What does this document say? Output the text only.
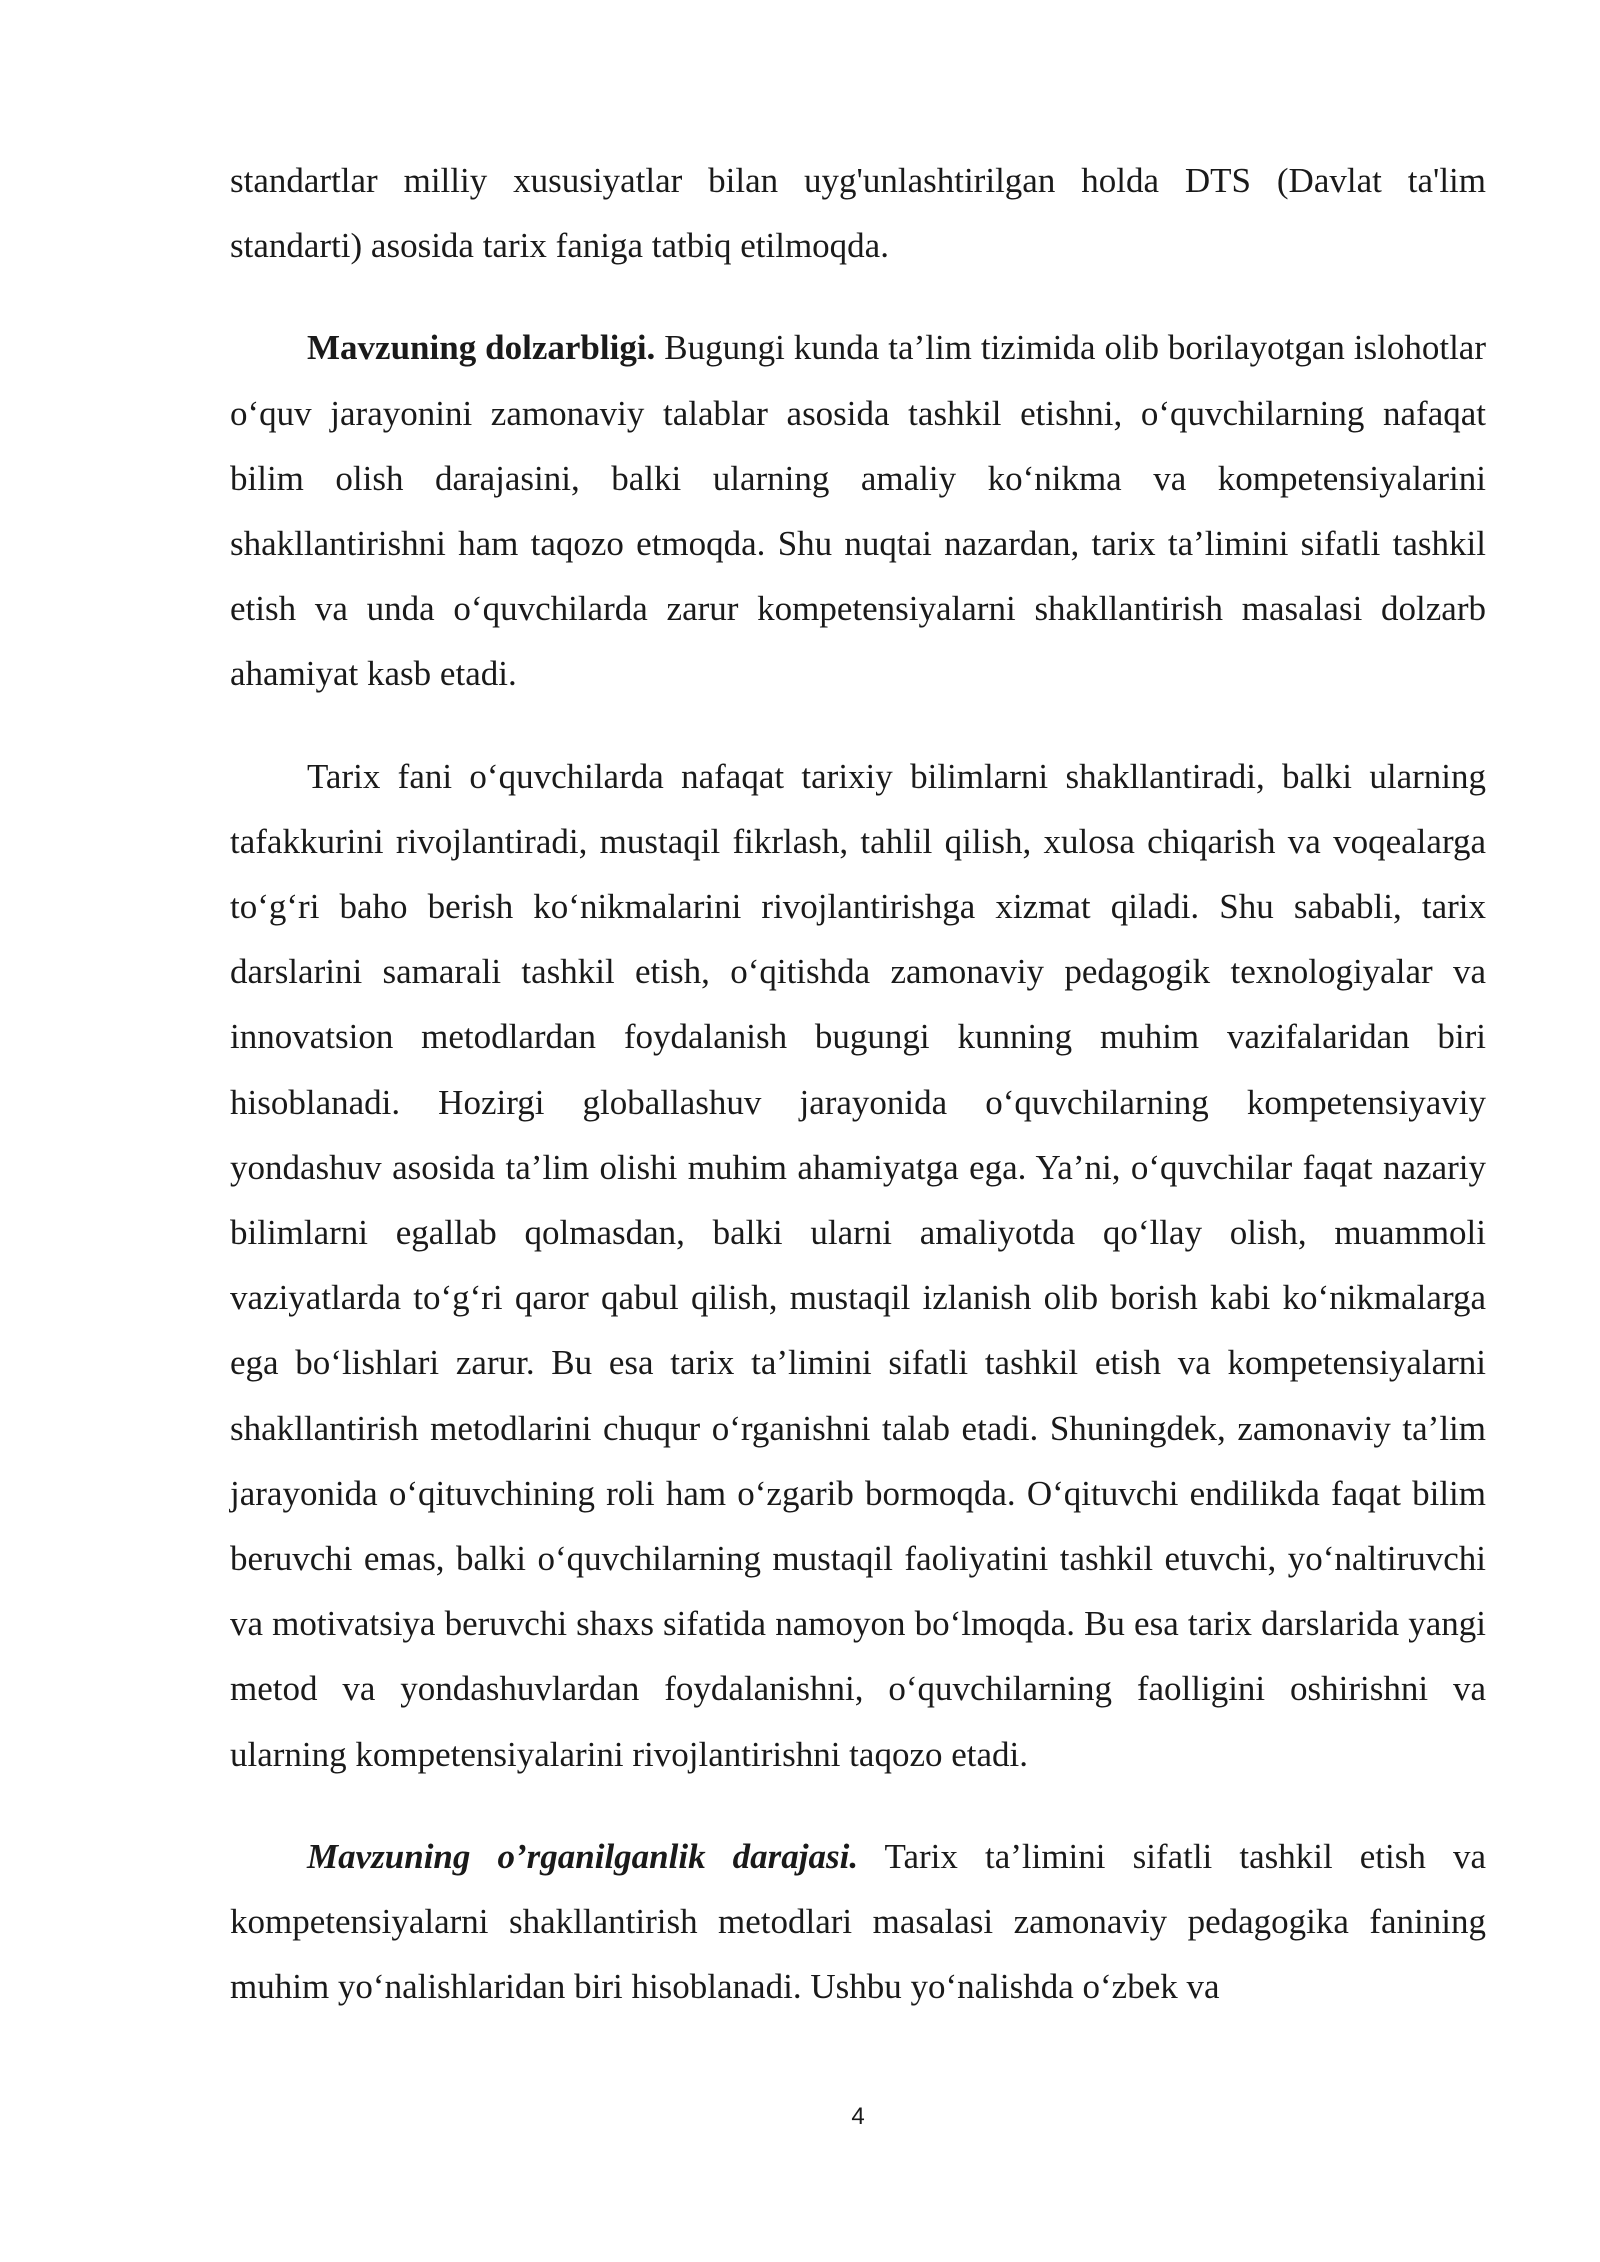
standartlar milliy xususiyatlar bilan uyg'unlashtirilgan holda DTS (Davlat ta'lim standarti) asosida tarix faniga tatbiq etilmoqda.

Mavzuning dolzarbligi. Bugungi kunda ta’lim tizimida olib borilayotgan islohotlar o‘quv jarayonini zamonaviy talablar asosida tashkil etishni, o‘quvchilarning nafaqat bilim olish darajasini, balki ularning amaliy ko‘nikma va kompetensiyalarini shakllantirishni ham taqozo etmoqda. Shu nuqtai nazardan, tarix ta’limini sifatli tashkil etish va unda o‘quvchilarda zarur kompetensiyalarni shakllantirish masalasi dolzarb ahamiyat kasb etadi.

Tarix fani o‘quvchilarda nafaqat tarixiy bilimlarni shakllantiradi, balki ularning tafakkurini rivojlantiradi, mustaqil fikrlash, tahlil qilish, xulosa chiqarish va voqealarga to‘g‘ri baho berish ko‘nikmalarini rivojlantirishga xizmat qiladi. Shu sababli, tarix darslarini samarali tashkil etish, o‘qitishda zamonaviy pedagogik texnologiyalar va innovatsion metodlardan foydalanish bugungi kunning muhim vazifalaridan biri hisoblanadi. Hozirgi globallashuv jarayonida o‘quvchilarning kompetensiyaviy yondashuv asosida ta’lim olishi muhim ahamiyatga ega. Ya’ni, o‘quvchilar faqat nazariy bilimlarni egallab qolmasdan, balki ularni amaliyotda qo‘llay olish, muammoli vaziyatlarda to‘g‘ri qaror qabul qilish, mustaqil izlanish olib borish kabi ko‘nikmalarga ega bo‘lishlari zarur. Bu esa tarix ta’limini sifatli tashkil etish va kompetensiyalarni shakllantirish metodlarini chuqur o‘rganishni talab etadi. Shuningdek, zamonaviy ta’lim jarayonida o‘qituvchining roli ham o‘zgarib bormoqda. O‘qituvchi endilikda faqat bilim beruvchi emas, balki o‘quvchilarning mustaqil faoliyatini tashkil etuvchi, yo‘naltiruvchi va motivatsiya beruvchi shaxs sifatida namoyon bo‘lmoqda. Bu esa tarix darslarida yangi metod va yondashuvlardan foydalanishni, o‘quvchilarning faolligini oshirishni va ularning kompetensiyalarini rivojlantirishni taqozo etadi.

Mavzuning o’rganilganlik darajasi. Tarix ta’limini sifatli tashkil etish va kompetensiyalarni shakllantirish metodlari masalasi zamonaviy pedagogika fanining muhim yo‘nalishlaridan biri hisoblanadi. Ushbu yo‘nalishda o‘zbek va

4
